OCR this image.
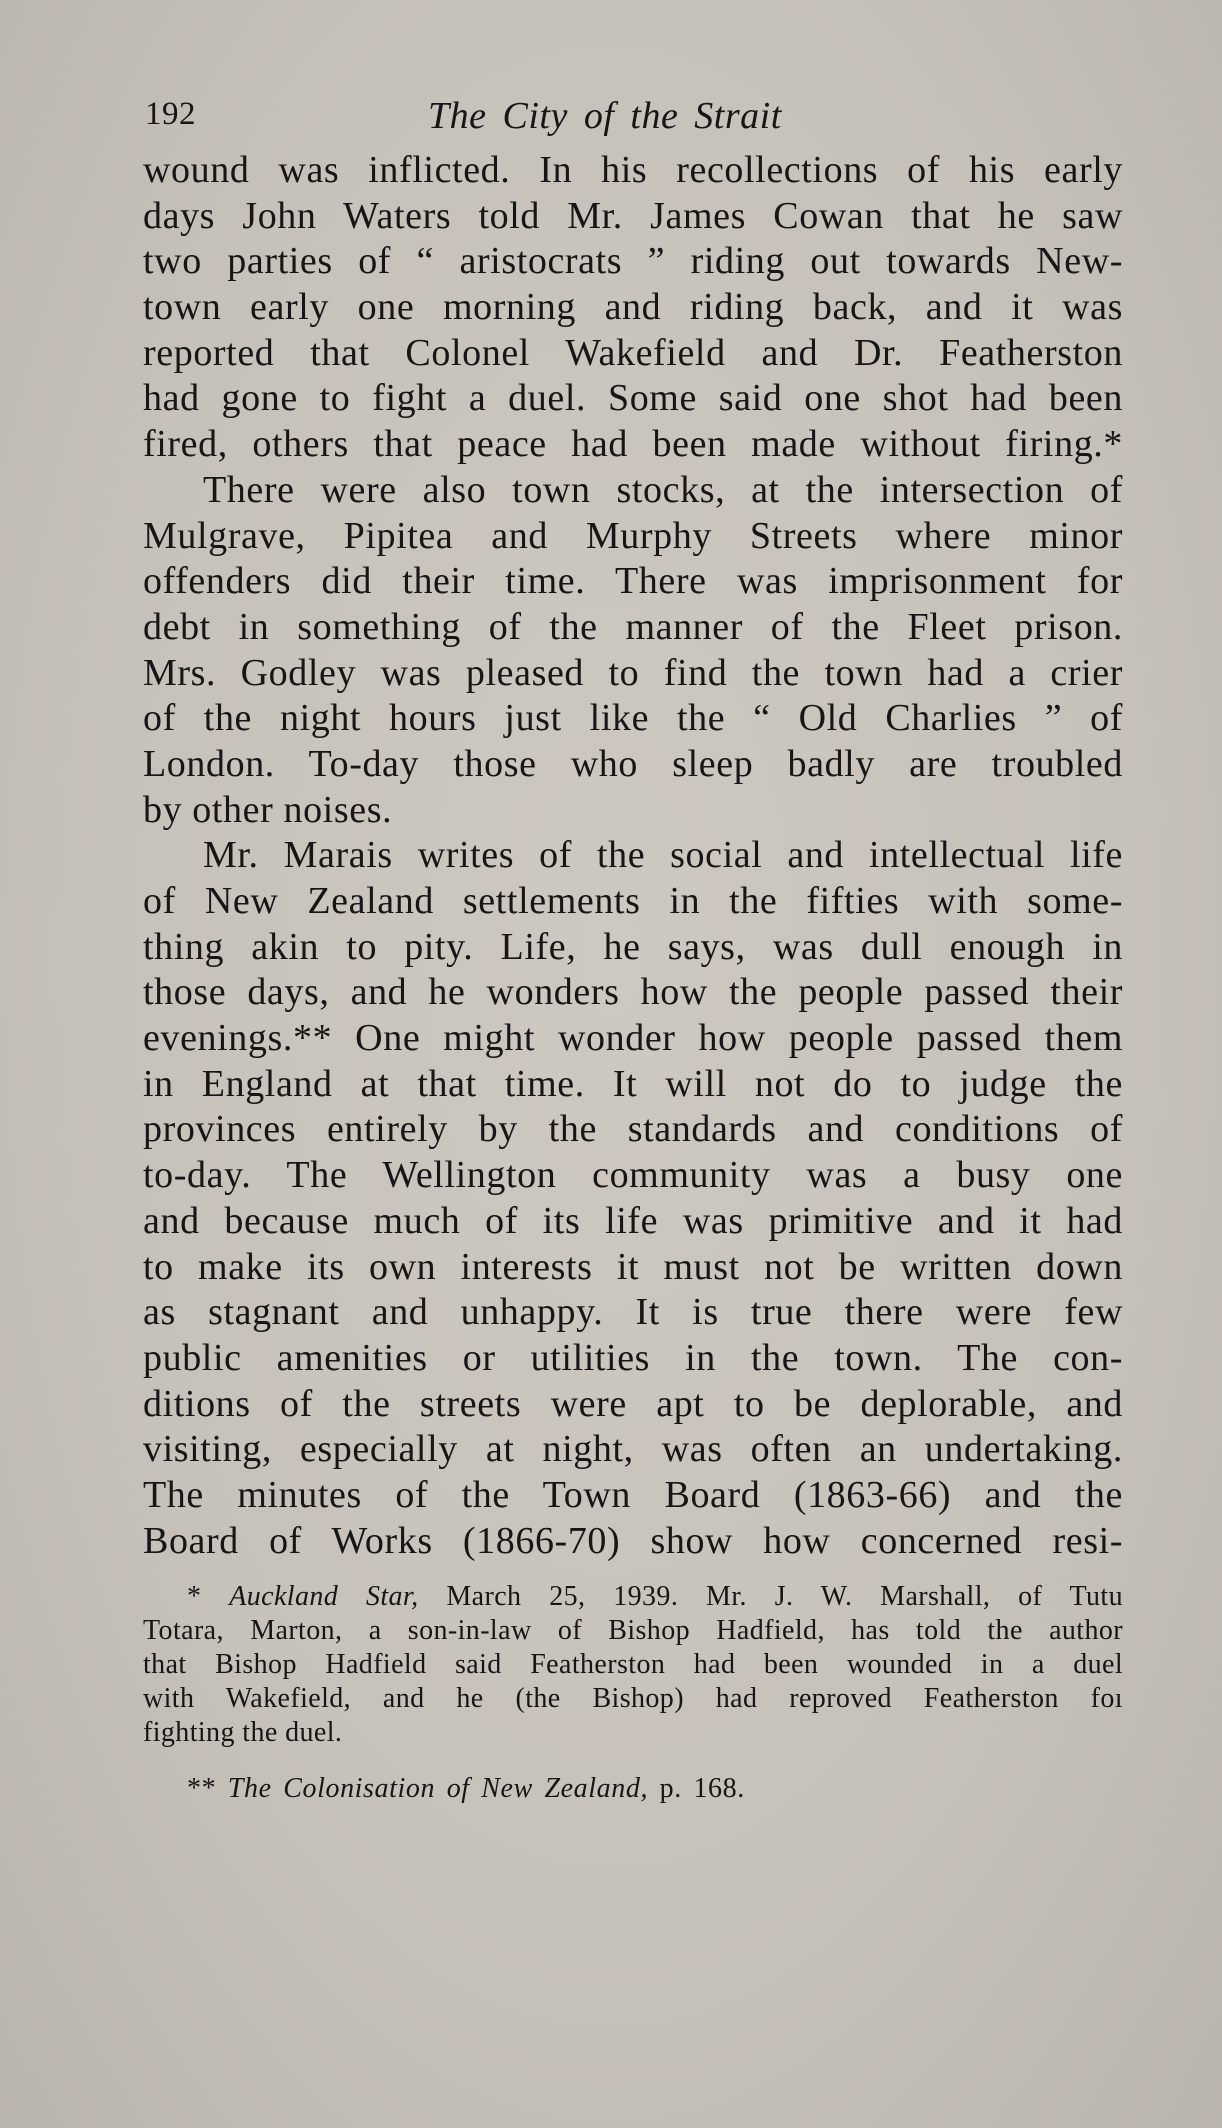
192	The City of the Strait
wound was inflicted. In his recollections of his early
days John Waters told Mr. James Cowan that he saw
two parties of “ aristocrats ” riding out towards New-
town early one morning and riding back, and it was
reported that Colonel Wakefield and Dr. Featherston
had gone to fight a duel. Some said one shot had been
fired, others that peace had been made without firing.*
There were also town stocks, at the intersection of
Mulgrave, Pipitea and Murphy Streets where minor
offenders did their time. There was imprisonment for
debt in something of the manner of the Fleet prison.
Mrs. Godley was pleased to find the town had a crier
of the night hours just like the “ Old Charlies ” of
London. To-day those who sleep badly are troubled
by other noises.
Mr. Marais writes of the social and intellectual life
of New Zealand settlements in the fifties with some-
thing akin to pity. Life, he says, was dull enough in
those days, and he wonders how the people passed their
evenings.** One might wonder how people passed them
in England at that time. It will not do to judge the
provinces entirely by the standards and conditions of
to-day. The Wellington community was a busy one
and because much of its life was primitive and it had
to make its own interests it must not be written down
as stagnant and unhappy. It is true there were few
public amenities or utilities in the town. The con-
ditions of the streets were apt to be deplorable, and
visiting, especially at night, was often an undertaking.
The minutes of the Town Board (1863-66) and the
Board of Works (1866-70) show how concerned resi-
* Auckland Star, March 25, 1939. Mr. J. W. Marshall, of Tutu
Totara, Marton, a son-in-law of Bishop Hadfield, has told the author
that Bishop Hadfield said Featherston had been wounded in a duel
with Wakefield, and he (the Bishop) had reproved Featherston foı
fighting the duel.
** The Colonisation of New Zealand, p. 168.
